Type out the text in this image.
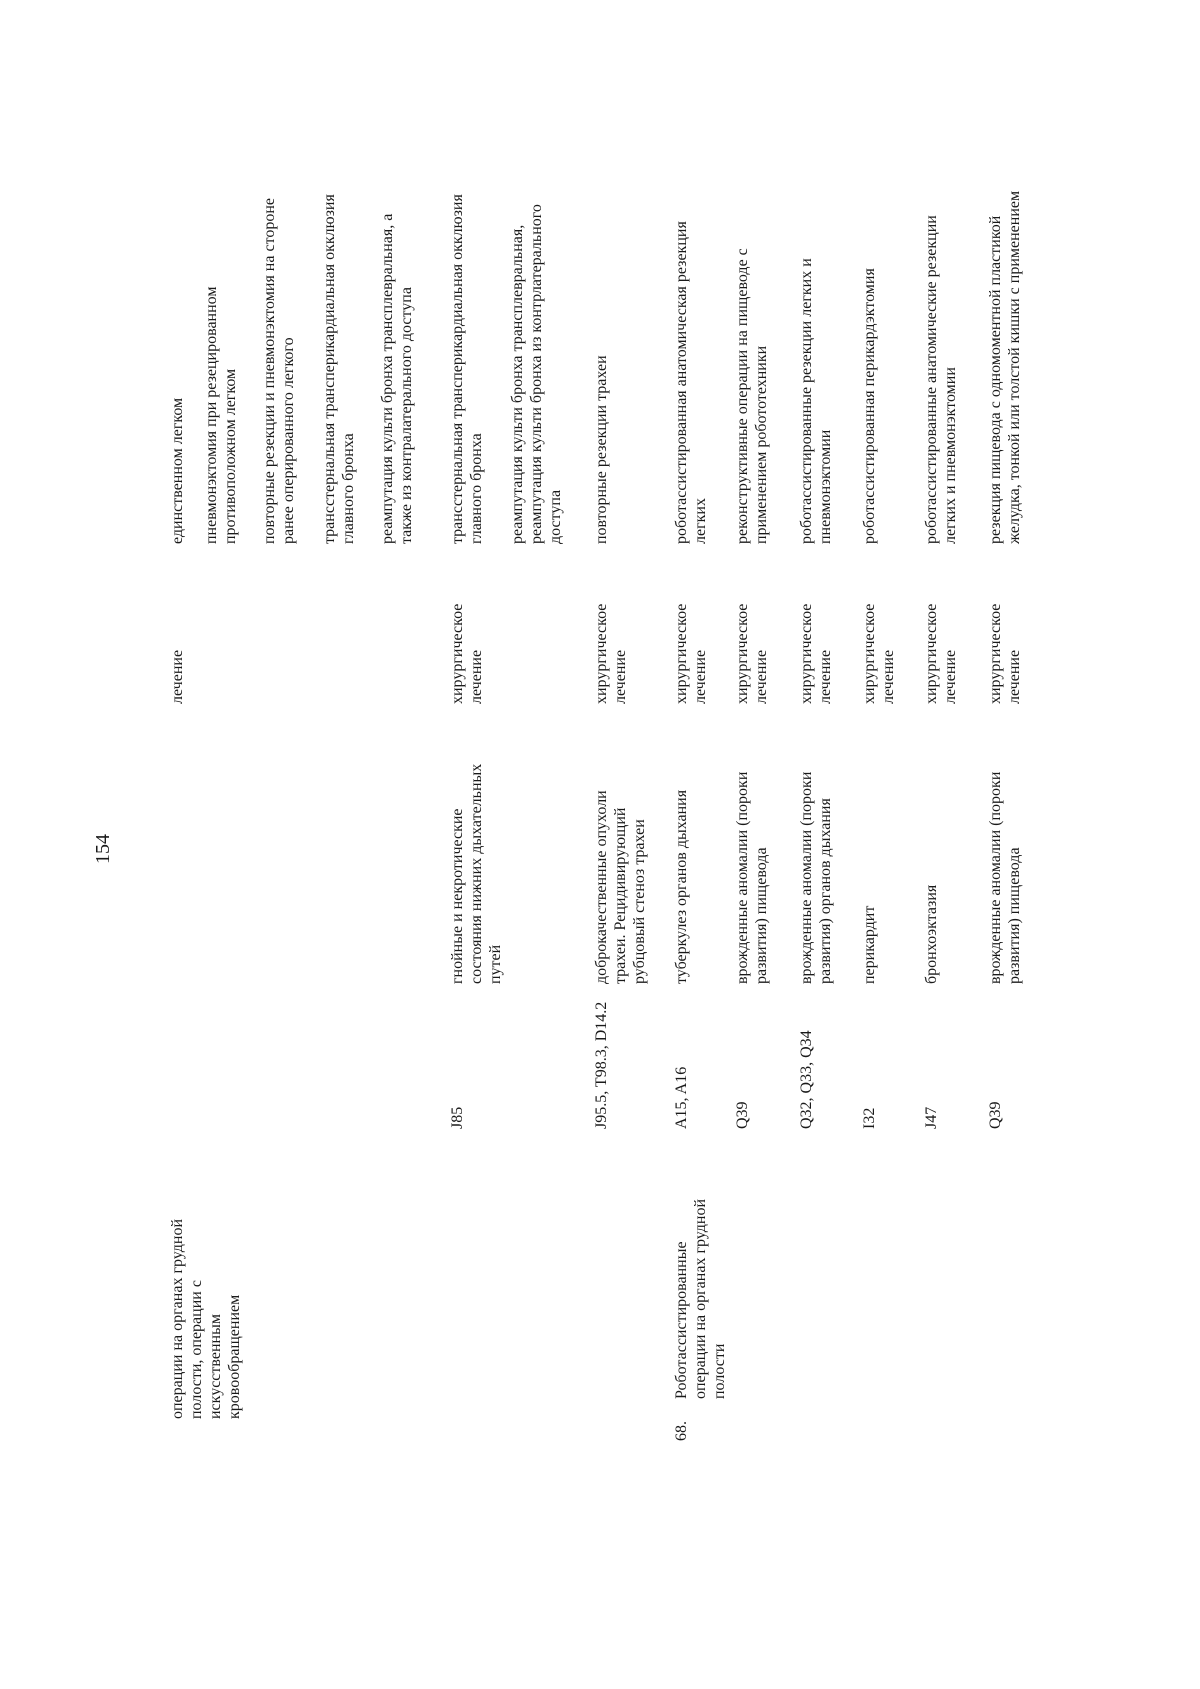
154
операции на органах грудной
полости, операции с
искусственным
кровообращением
лечение
единственном легком пневмонэктомия при резецированном
противоположном легком
повторные резекции и пневмонэктомия на стороне
ранее оперированного легкого
трансстернальная транcперикардиальная окклюзия
главного бронха реампутация культи бронха трансплевральная, а
также из контралатерального доступа
J85
гнойные и некротические
состояния нижних дыхательных
путей
хирургическое
лечение
трансстернальная транcперикардиальная окклюзия
главного бронха реампутация культи бронха трансплевральная,
реампутация культи бронха из контрлатерального
доступа
J95.5, T98.3, D14.2
доброкачественные опухоли
трахеи. Рецидивирующий
рубцовый стеноз трахеи
хирургическое
лечение
повторные резекции трахеи
68.
Роботассистированные
операции на органах грудной
полости
A15, A16
туберкулез органов дыхания
хирургическое
лечение
роботассистированная анатомическая резекция
легких
Q39
врожденные аномалии (пороки
развития) пищевода
хирургическое
лечение
реконструктивные операции на пищеводе с
применением робототехники
Q32, Q33, Q34
врожденные аномалии (пороки
развития) органов дыхания
хирургическое
лечение
роботассистированные резекции легких и
пневмонэктомии
I32
перикардит
хирургическое
лечение
роботассистированная перикардэктомия
J47
бронхоэктазия
хирургическое
лечение
роботассистированные анатомические резекции
легких и пневмонэктомии
Q39
врожденные аномалии (пороки
развития) пищевода
хирургическое
лечение
резекция пищевода с одномоментной пластикой
желудка, тонкой или толстой кишки с применением
